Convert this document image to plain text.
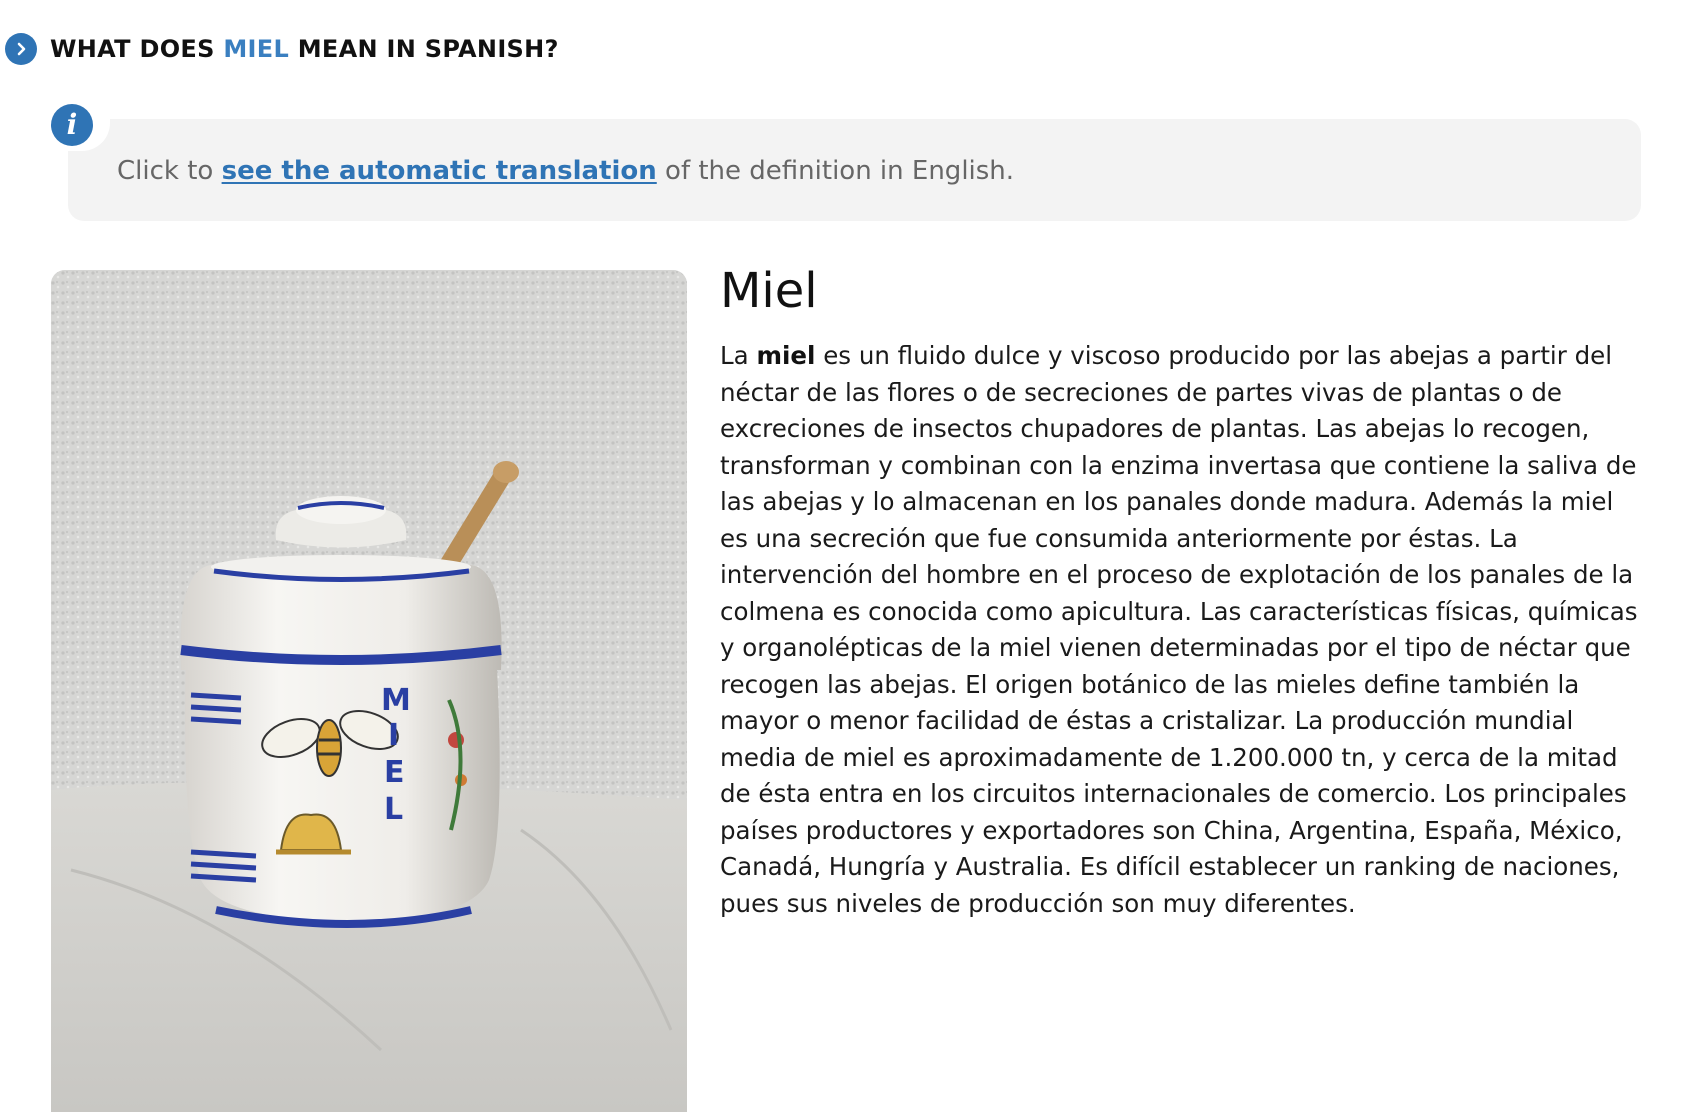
WHAT DOES MIEL MEAN IN SPANISH?
i
Click to see the automatic translation of the definition in English.
M
I
E
L
Miel

La miel es un fluido dulce y viscoso producido por las abejas a partir del néctar de las flores o de secreciones de partes vivas de plantas o de excreciones de insectos chupadores de plantas. Las abejas lo recogen, transforman y combinan con la enzima invertasa que contiene la saliva de las abejas y lo almacenan en los panales donde madura. Además la miel es una secreción que fue consumida anteriormente por éstas. La intervención del hombre en el proceso de explotación de los panales de la colmena es conocida como apicultura. Las características físicas, químicas y organolépticas de la miel vienen determinadas por el tipo de néctar que recogen las abejas. El origen botánico de las mieles define también la mayor o menor facilidad de éstas a cristalizar. La producción mundial media de miel es aproximadamente de 1.200.000 tn, y cerca de la mitad de ésta entra en los circuitos internacionales de comercio. Los principales países productores y exportadores son China, Argentina, España, México, Canadá, Hungría y Australia. Es difícil establecer un ranking de naciones, pues sus niveles de producción son muy diferentes.
